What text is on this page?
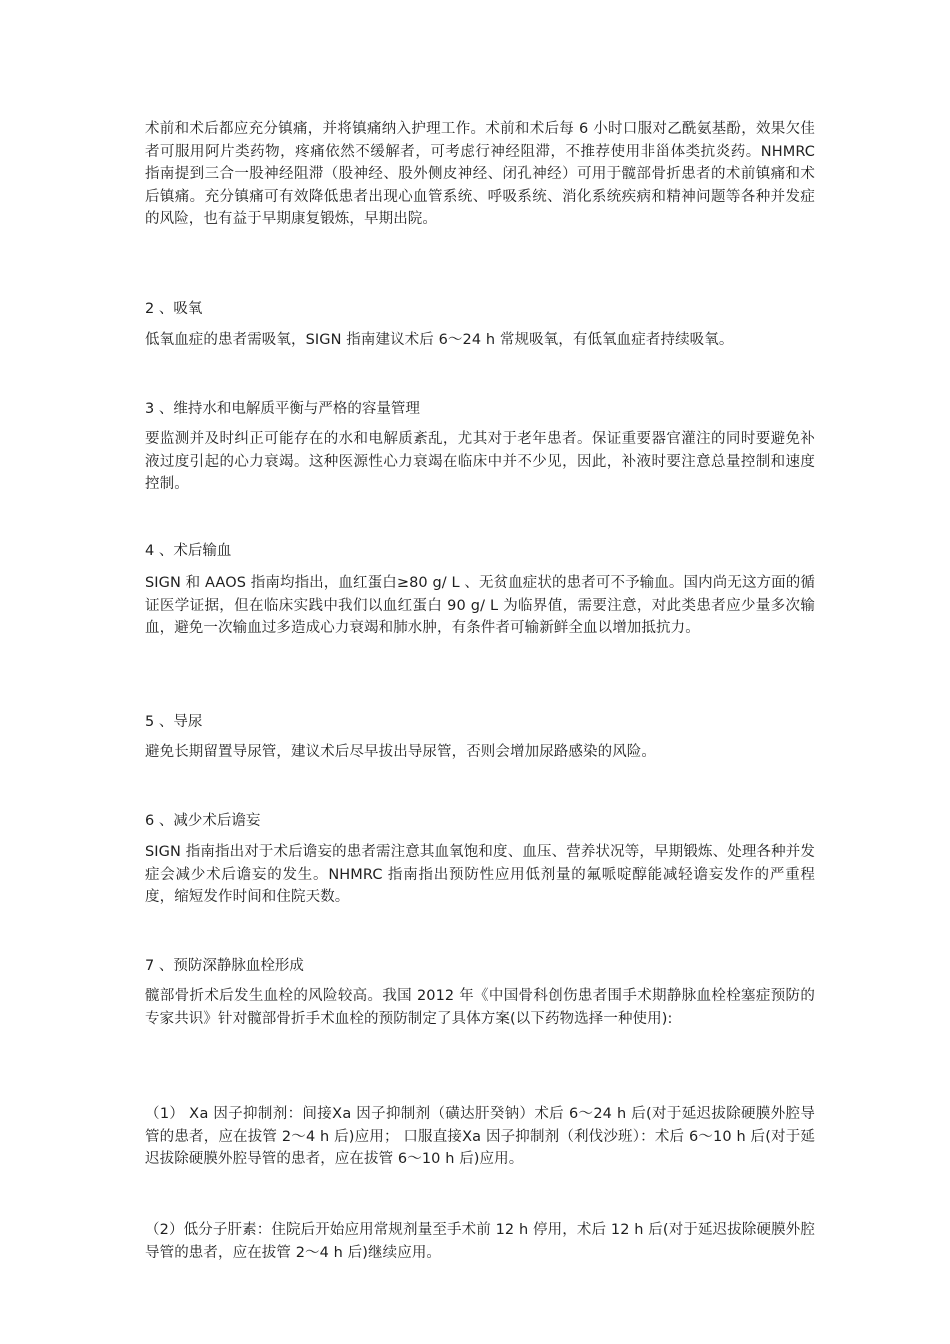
术前和术后都应充分镇痛，并将镇痛纳入护理工作。术前和术后每 6 小时口服对乙酰氨基酚，效果欠佳者可服用阿片类药物，疼痛依然不缓解者，可考虑行神经阻滞，不推荐使用非甾体类抗炎药。NHMRC 指南提到三合一股神经阻滞（股神经、股外侧皮神经、闭孔神经）可用于髋部骨折患者的术前镇痛和术后镇痛。充分镇痛可有效降低患者出现心血管系统、呼吸系统、消化系统疾病和精神问题等各种并发症的风险，也有益于早期康复锻炼，早期出院。

2 、吸氧

低氧血症的患者需吸氧，SIGN 指南建议术后 6～24 h 常规吸氧，有低氧血症者持续吸氧。

3 、维持水和电解质平衡与严格的容量管理

要监测并及时纠正可能存在的水和电解质紊乱，尤其对于老年患者。保证重要器官灌注的同时要避免补液过度引起的心力衰竭。这种医源性心力衰竭在临床中并不少见，因此，补液时要注意总量控制和速度控制。

4 、术后输血

SIGN 和 AAOS 指南均指出，血红蛋白≥80 g/ L 、无贫血症状的患者可不予输血。国内尚无这方面的循证医学证据，但在临床实践中我们以血红蛋白 90 g/ L 为临界值，需要注意，对此类患者应少量多次输血，避免一次输血过多造成心力衰竭和肺水肿，有条件者可输新鲜全血以增加抵抗力。

5 、导尿

避免长期留置导尿管，建议术后尽早拔出导尿管，否则会增加尿路感染的风险。

6 、减少术后谵妄

SIGN 指南指出对于术后谵妄的患者需注意其血氧饱和度、血压、营养状况等，早期锻炼、处理各种并发症会减少术后谵妄的发生。NHMRC 指南指出预防性应用低剂量的氟哌啶醇能减轻谵妄发作的严重程度，缩短发作时间和住院天数。

7 、预防深静脉血栓形成

髋部骨折术后发生血栓的风险较高。我国 2012 年《中国骨科创伤患者围手术期静脉血栓栓塞症预防的专家共识》针对髋部骨折手术血栓的预防制定了具体方案(以下药物选择一种使用):

（1） Ⅹa 因子抑制剂：间接Ⅹa 因子抑制剂（磺达肝癸钠）术后 6～24 h 后(对于延迟拔除硬膜外腔导管的患者，应在拔管 2～4 h 后)应用； 口服直接Ⅹa 因子抑制剂（利伐沙班）：术后 6～10 h 后(对于延迟拔除硬膜外腔导管的患者，应在拔管 6～10 h 后)应用。

（2）低分子肝素：住院后开始应用常规剂量至手术前 12 h 停用，术后 12 h 后(对于延迟拔除硬膜外腔导管的患者，应在拔管 2～4 h 后)继续应用。
